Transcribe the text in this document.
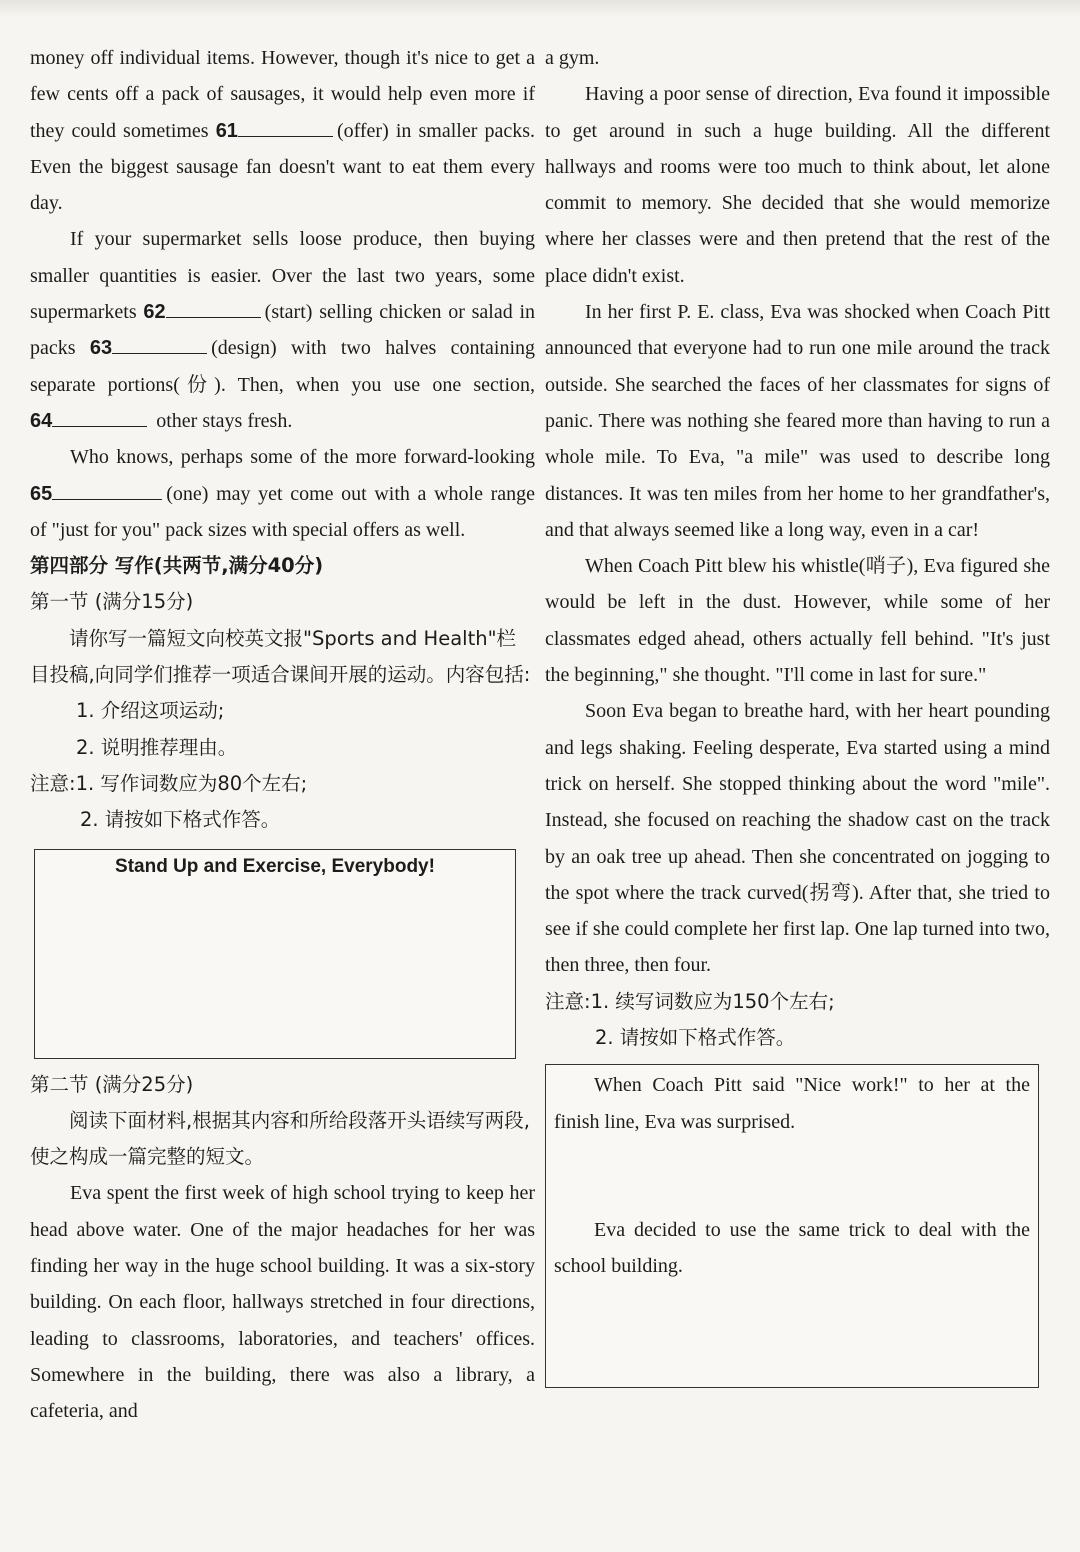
money off individual items. However, though it's nice to get a few cents off a pack of sausages, it would help even more if they could sometimes 61	(offer) in smaller packs. Even the biggest sausage fan doesn't want to eat them every day.

If your supermarket sells loose produce, then buying smaller quantities is easier. Over the last two years, some supermarkets 62	(start) selling chicken or salad in packs 63	(design) with two halves containing separate portions(份). Then, when you use one section, 64	other stays fresh.

Who knows, perhaps some of the more forward-looking 65	(one) may yet come out with a whole range of "just for you" pack sizes with special offers as well.

第四部分 写作(共两节,满分40分)
第一节 (满分15分)
请你写一篇短文向校英文报"Sports and Health"栏目投稿,向同学们推荐一项适合课间开展的运动。内容包括:
1. 介绍这项运动;
2. 说明推荐理由。
注意:1. 写作词数应为80个左右;
2. 请按如下格式作答。
Stand Up and Exercise, Everybody!
第二节 (满分25分)
阅读下面材料,根据其内容和所给段落开头语续写两段,使之构成一篇完整的短文。

Eva spent the first week of high school trying to keep her head above water. One of the major headaches for her was finding her way in the huge school building. It was a six-story building. On each floor, hallways stretched in four directions, leading to classrooms, laboratories, and teachers' offices. Somewhere in the building, there was also a library, a cafeteria, and

a gym.

Having a poor sense of direction, Eva found it impossible to get around in such a huge building. All the different hallways and rooms were too much to think about, let alone commit to memory. She decided that she would memorize where her classes were and then pretend that the rest of the place didn't exist.

In her first P. E. class, Eva was shocked when Coach Pitt announced that everyone had to run one mile around the track outside. She searched the faces of her classmates for signs of panic. There was nothing she feared more than having to run a whole mile. To Eva, "a mile" was used to describe long distances. It was ten miles from her home to her grandfather's, and that always seemed like a long way, even in a car!

When Coach Pitt blew his whistle(哨子), Eva figured she would be left in the dust. However, while some of her classmates edged ahead, others actually fell behind. "It's just the beginning," she thought. "I'll come in last for sure."

Soon Eva began to breathe hard, with her heart pounding and legs shaking. Feeling desperate, Eva started using a mind trick on herself. She stopped thinking about the word "mile". Instead, she focused on reaching the shadow cast on the track by an oak tree up ahead. Then she concentrated on jogging to the spot where the track curved(拐弯). After that, she tried to see if she could complete her first lap. One lap turned into two, then three, then four.

注意:1. 续写词数应为150个左右;
2. 请按如下格式作答。

When Coach Pitt said "Nice work!" to her at the finish line, Eva was surprised.

Eva decided to use the same trick to deal with the school building.
